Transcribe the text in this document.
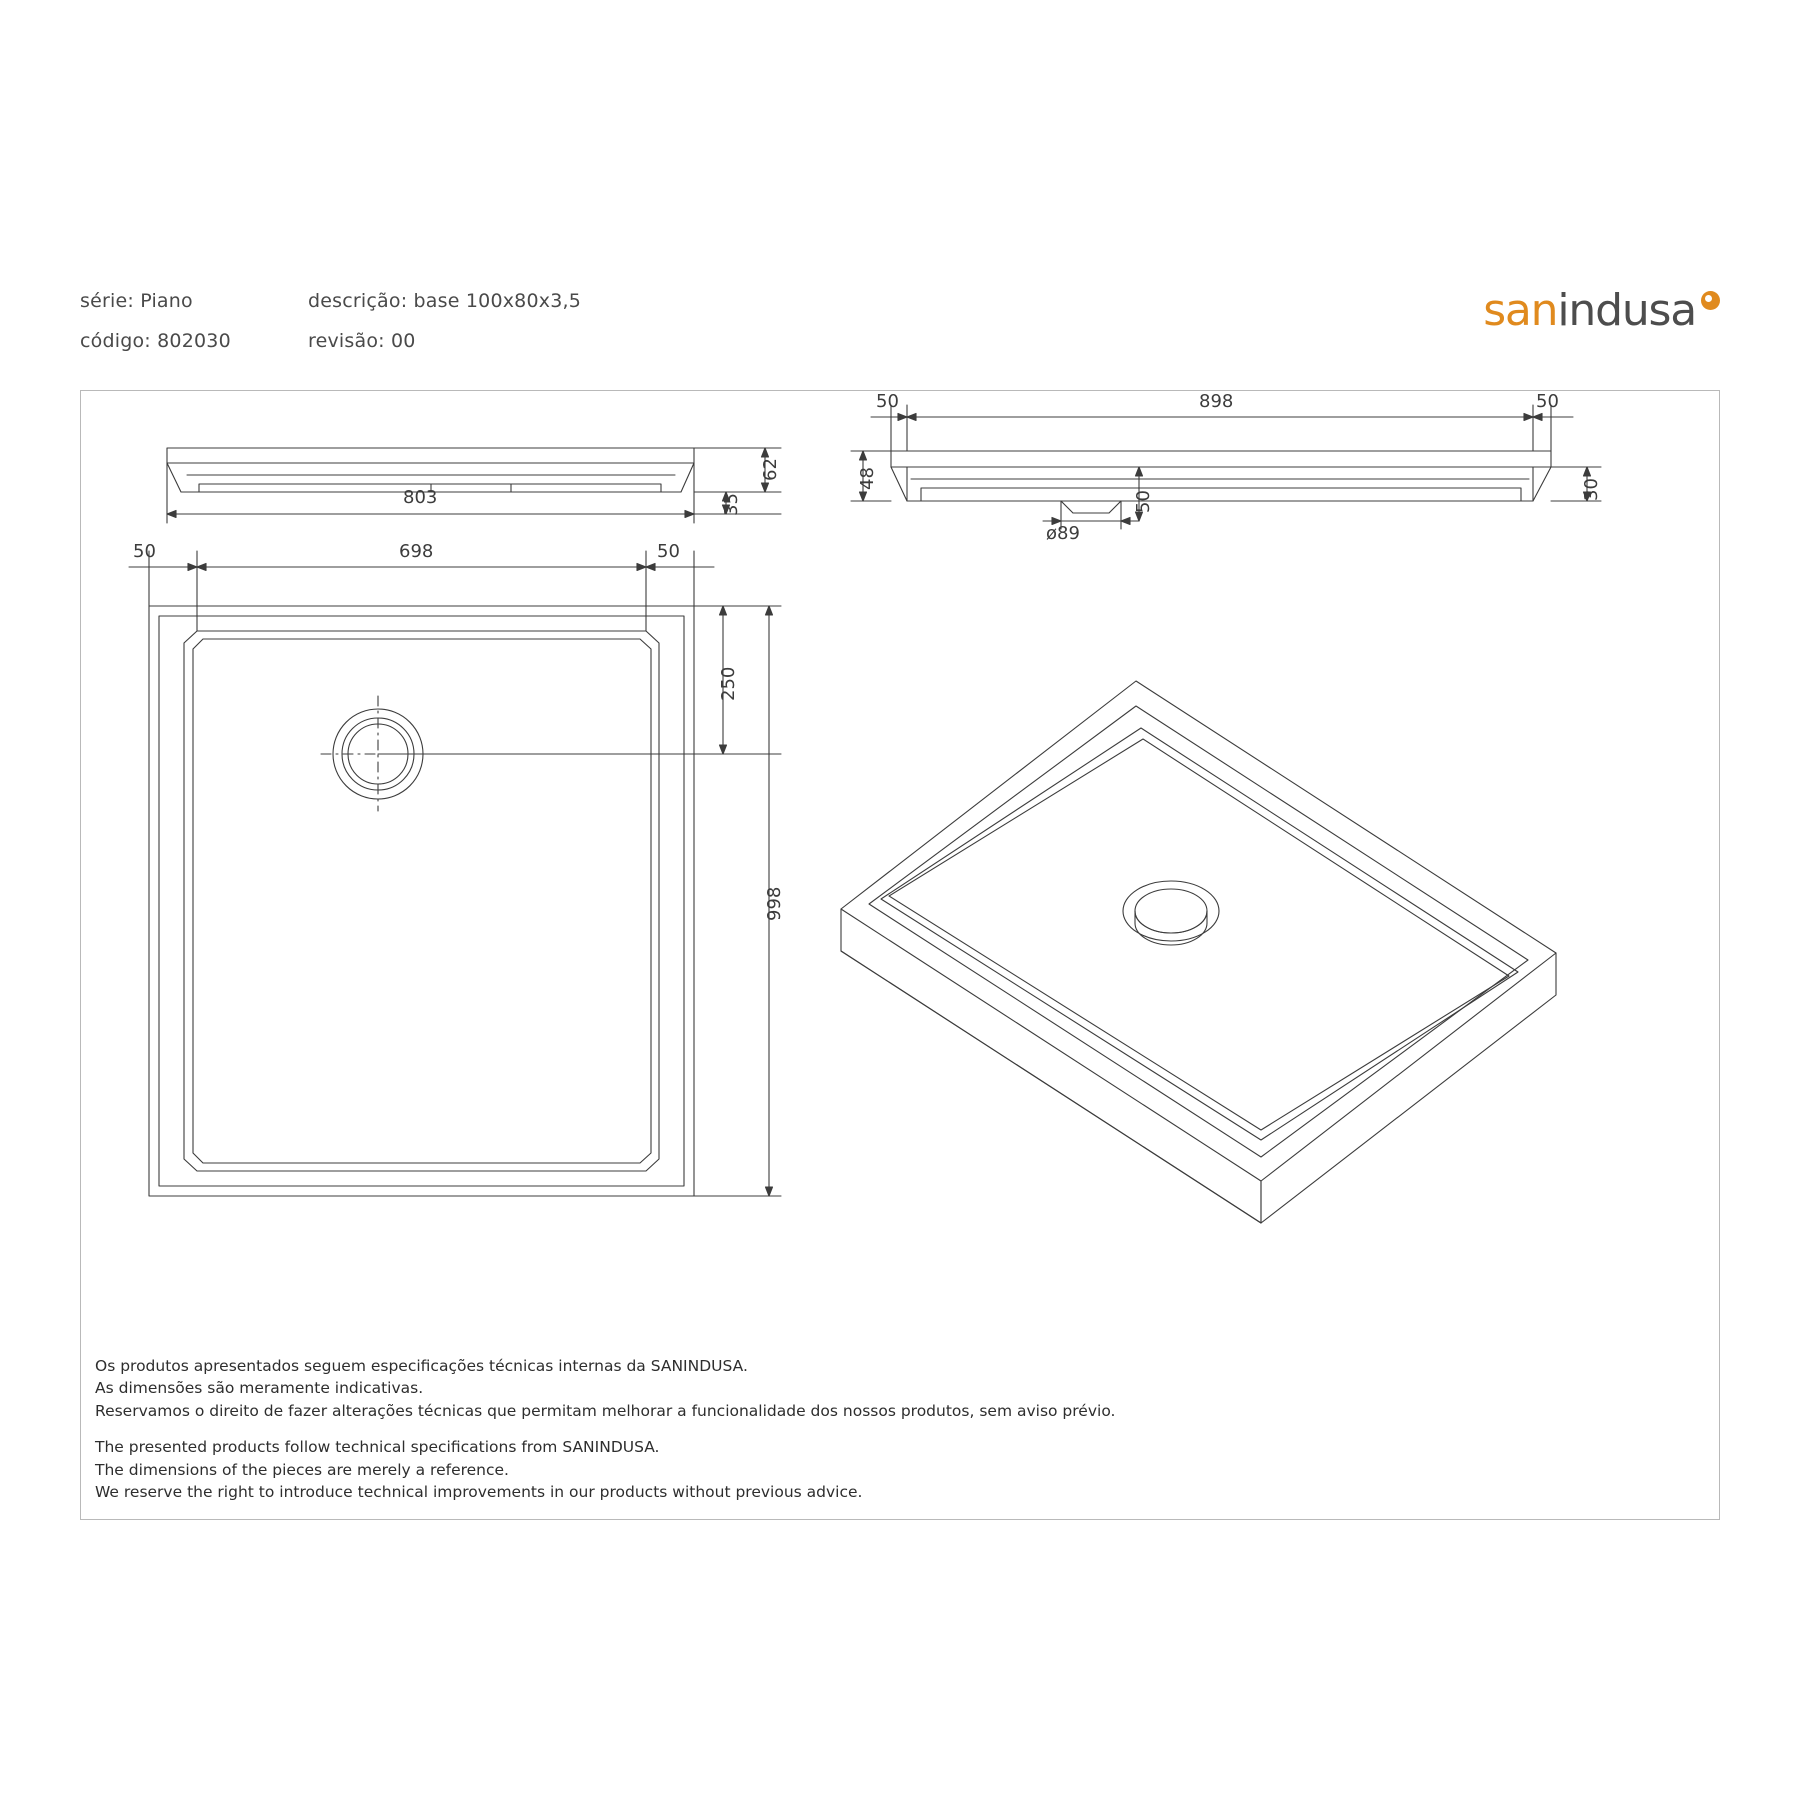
série: Piano	descrição: base 100x80x3,5
código: 802030	revisão: 00
sanindusa
803
62
35
50	898	50
48
ø89
50
30
50	698	50
250
998
Os produtos apresentados seguem especificações técnicas internas da SANINDUSA.
As dimensões são meramente indicativas.
Reservamos o direito de fazer alterações técnicas que permitam melhorar a funcionalidade dos nossos produtos, sem aviso prévio.
The presented products follow technical specifications from SANINDUSA.
The dimensions of the pieces are merely a reference.
We reserve the right to introduce technical improvements in our products without previous advice.
